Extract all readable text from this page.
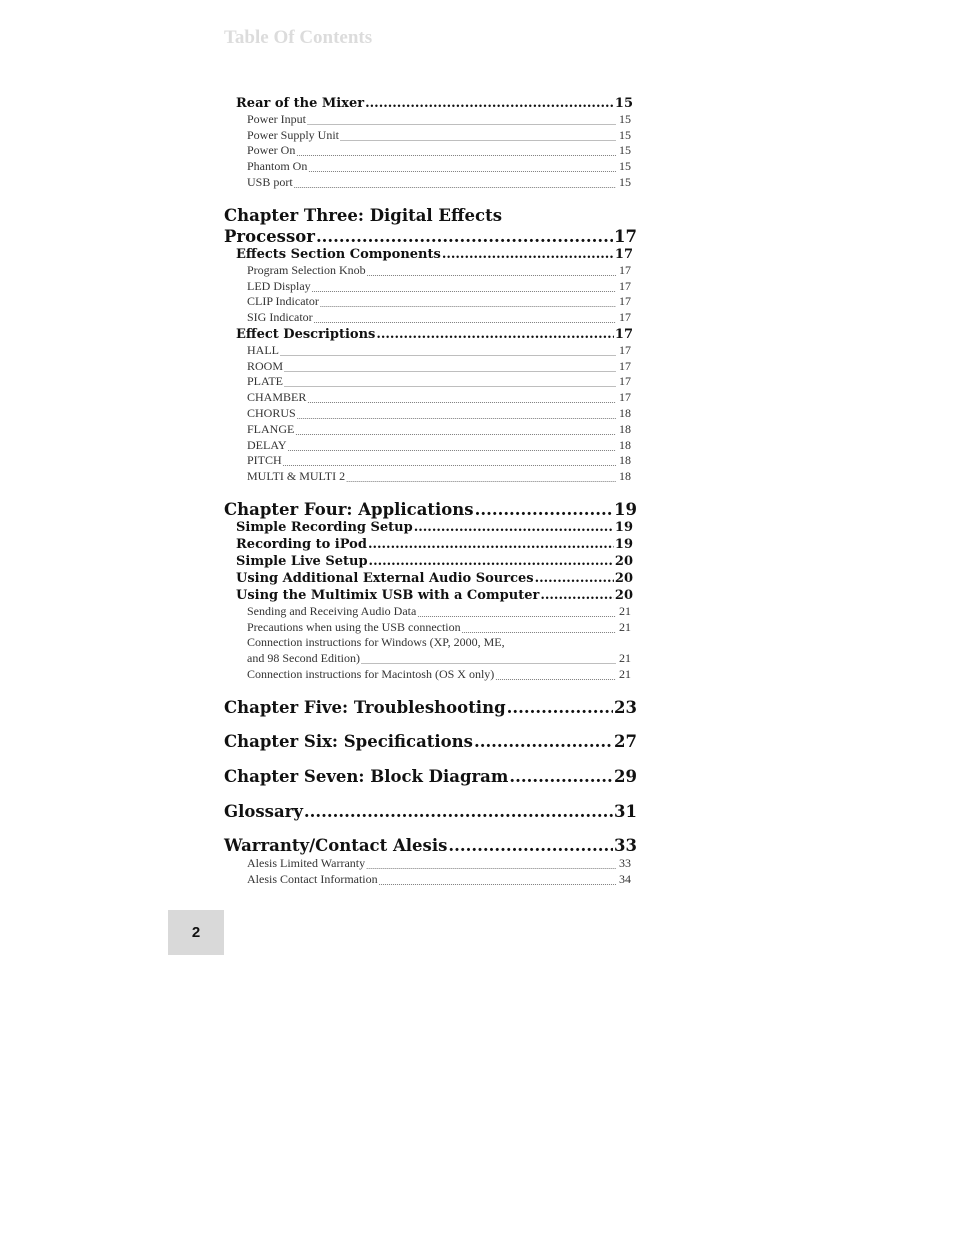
Table Of Contents
Rear of the Mixer .....	15
Power Input .....	15
Power Supply Unit .....	15
Power On .....	15
Phantom On .....	15
USB port .....	15
Chapter Three: Digital Effects
Processor .....	17
Effects Section Components .....	17
Program Selection Knob .....	17
LED Display .....	17
CLIP Indicator .....	17
SIG Indicator .....	17
Effect Descriptions .....	17
HALL .....	17
ROOM .....	17
PLATE .....	17
CHAMBER .....	17
CHORUS .....	18
FLANGE .....	18
DELAY .....	18
PITCH .....	18
MULTI & MULTI 2 .....	18
Chapter Four: Applications .....	19
Simple Recording Setup .....	19
Recording to iPod .....	19
Simple Live Setup .....	20
Using Additional External Audio Sources .....	20
Using the Multimix USB with a Computer .....	20
Sending and Receiving Audio Data .....	21
Precautions when using the USB connection .....	21
Connection instructions for Windows (XP, 2000, ME,
and 98 Second Edition) .....	21
Connection instructions for Macintosh (OS X only) .....	21
Chapter Five: Troubleshooting .....	23
Chapter Six: Specifications .....	27
Chapter Seven: Block Diagram .....	29
Glossary .....	31
Warranty/Contact Alesis .....	33
Alesis Limited Warranty .....	33
Alesis Contact Information .....	34
2
